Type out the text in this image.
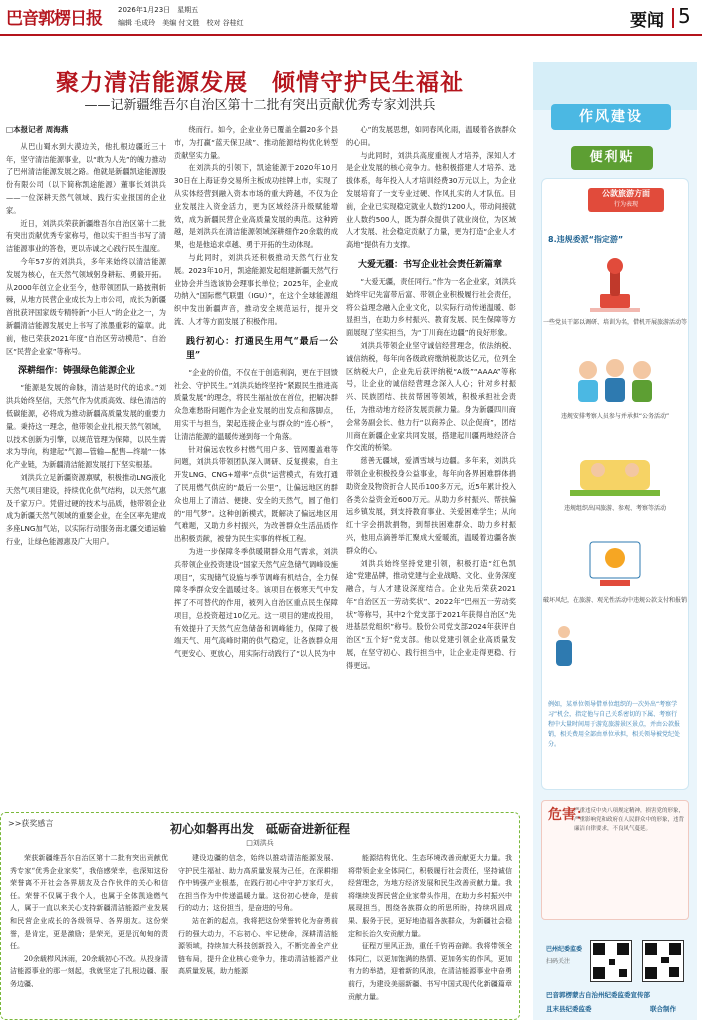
巴音郭楞日报 2026年1月23日　 星期五
编辑 毛成玲　美编 付文胜　校对 谷桂红	要闻 5
聚力清洁能源发展　倾情守护民生福祉
——记新疆维吾尔自治区第十二批有突出贡献优秀专家刘洪兵

□本报记者 周海燕

从巴山蜀水到大漠边关，他扎根边疆近三十年，坚守清洁能源事业，以“敢为人先”的魄力推动了巴州清洁能源发展之路。他就是新疆凯途能源股份有限公司（以下简称凯途能源）董事长刘洪兵——一位深耕天然气领域、践行实业报国的企业家。

近日，刘洪兵荣获新疆维吾尔自治区第十二批有突出贡献优秀专家称号，他以实干担当书写了清洁能源事业的答卷，更以赤诚之心践行民生温度。

今年57岁的刘洪兵，多年来始终以清洁能源发展为核心，在天然气领域躬身耕耘、勇毅开拓。从2000年创立企业至今，他带领团队一路披荆斩棘，从地方民营企业成长为上市公司，成长为新疆首批获评国家级专精特新“小巨人”的企业之一，为新疆清洁能源发展史上书写了浓墨重彩的篇章。此前，他已荣获2021年度“自治区劳动模范”、自治区“民营企业家”等称号。

深耕细作：铸强绿色能源企业

“能源是发展的命脉，清洁是时代的追求。”刘洪兵始终坚信，天然气作为优质高效、绿色清洁的低碳能源，必将成为推动新疆高质量发展的重要力量。秉持这一理念，他带领企业扎根天然气领域，以技术创新为引擎，以规范管理为保障，以民生需求为导向，构建起“气源—管输—配售—终端”一体化产业链，为新疆清洁能源发展打下坚实根基。

刘洪兵立足新疆资源禀赋，积极推动LNG液化天然气项目建设，持续优化供气结构，以天然气惠及千家万户。凭借过硬的技术与品质，他带领企业成为新疆天然气领域的重要企业，在全区率先建成多座LNG加气站，以实际行动服务南北疆交通运输行业，让绿色能源惠及广大用户。

绕而行。如今，企业业务已覆盖全疆20多个县市，为打赢“蓝天保卫战”、推动能源结构优化转型贡献坚实力量。

在刘洪兵的引领下，凯途能源于2020年10月30日在上海证券交易所主板成功挂牌上市，实现了从实体经营到融入资本市场的重大跨越，不仅为企业发展注入资金活力，更为区域经济升级赋能增效，成为新疆民营企业高质量发展的典范。这种跨越，是刘洪兵在清洁能源领域深耕细作20余载的成果，也是他追求卓越、勇于开拓的生动体现。

与此同时，刘洪兵还积极推动天然气行业发展。2023年10月，凯途能源发起组建新疆天然气行业协会并当选该协会理事长单位；2025年，企业成功纳入“国际燃气联盟（IGU）”，在这个全球能源组织中发出新疆声音，推动安全规范运行，提升交流、人才等方面发展了积极作用。

践行初心：打通民生用气“最后一公里”

“企业的价值，不仅在于创造利润，更在于回馈社会、守护民生。”刘洪兵始终坚持“紧跟民生推进高质量发展”的理念，将民生福祉放在首位，把解决群众急难愁盼问题作为企业发展的出发点和落脚点，用实干与担当，架起连接企业与群众的“连心桥”，让清洁能源的温暖传递到每一个角落。

针对偏远农牧乡村燃气用户多、管网覆盖难等问题，刘洪兵带领团队深入调研、反复摸索，自主开发LNG、CNG+增率“点供”运营模式，有效打通了民用燃气供应的“最后一公里”，让偏远地区的群众也用上了清洁、便捷、安全的天然气，圆了他们的“用气梦”。这种创新模式，既解决了偏远地区用气难题，又助力乡村振兴，为改善群众生活品质作出积极贡献，被誉为民生实事的样板工程。

为进一步保障冬季供暖期群众用气需求，刘洪兵带领企业投资建设“国家天然气应急储气调峰设施项目”，实现储气设施与季节调峰有机结合，全力保障冬季群众安全温暖过冬。该项目在极寒天气中发挥了不可替代的作用，被列入自治区重点民生保障项目，总投资超过10亿元。这一项目的建成投用，有效提升了天然气应急储备和调峰能力，保障了极端天气、用气高峰时期的供气稳定，让各族群众用气更安心、更放心，用实际行动践行了“以人民为中

心”的发展思想，如同春风化雨，温暖着各族群众的心田。

与此同时，刘洪兵高度重视人才培养，深知人才是企业发展的核心竞争力。他积极搭建人才培养、选拔体系，每年投入人才培训经费30万元以上，为企业发展培育了一支专业过硬、作风扎实的人才队伍。目前，企业已实现稳定就业人数约1200人，带动间接就业人数约500人，既为群众提供了就业岗位，为区域人才发展、社会稳定贡献了力量，更为打造“企业人才高地”提供有力支撑。

大爱无疆：书写企业社会责任新篇章

“大爱无疆，责任同行。”作为一名企业家，刘洪兵始终牢记先富带后富、带领企业积极履行社会责任，将公益理念融入企业文化，以实际行动传递温暖、彰显担当，在助力乡村振兴、教育发展、民生保障等方面展现了坚实担当，为“丁川商在边疆”的良好形象。

刘洪兵带领企业坚守诚信经营理念，依法纳税、诚信纳税，每年向各级政府缴纳税款达亿元，位列全区纳税大户，企业先后获评纳税“A级”“AAAA”等称号，让企业的诚信经营理念深入人心；针对乡村振兴、民族团结、扶贫帮困等领域，积极承担社会责任，为推动地方经济发展贡献力量。身为新疆四川商会常务副会长、他力行“以商养企、以企促商”，团结川商在新疆企业家共同发展，搭建起川疆两地经济合作交流的桥梁。

慈善无疆域，爱洒雪域与边疆。多年来，刘洪兵带领企业积极投身公益事业，每年向各界困难群体捐助资金及物资折合人民币100多万元，近5年累计投入各类公益资金近600万元。从助力乡村振兴、帮扶偏远乡镇发展，到支持教育事业、关爱困难学生；从向红十字会捐款捐物，到帮扶困难群众、助力乡村振兴，他用点滴善举汇聚成大爱暖流，温暖着边疆各族群众的心。

刘洪兵始终坚持党建引领，积极打造“红色凯途”党建品牌，推动党建与企业战略、文化、业务深度融合，与人才建设深度结合。企业先后荣获2021年“自治区五一劳动奖状”、2022年“巴州五一劳动奖状”等称号，其中2个党支部于2021年获得自治区“先进基层党组织”称号。股份公司党支部2024年获评自治区“五个好”党支部。他以党建引领企业高质量发展，在坚守初心、践行担当中，让企业走得更稳、行得更远。

>>获奖感言	初心如磐再出发　砥砺奋进新征程
□刘洪兵

荣获新疆维吾尔自治区第十二批有突出贡献优秀专家“优秀企业家奖”，我倍感荣幸，也深知这份荣誉离不开社会各界朋友及合作伙伴的关心和信任。荣誉不仅属于我个人，也属于全体凯途燃气人，属于一直以来关心支持新疆清洁能源产业发展和民营企业成长的各级领导、各界朋友。这份荣誉，是肯定，更是激励；是荣光，更是沉甸甸的责任。

20余载栉风沐雨，20余载初心不改。从投身清洁能源事业的那一刻起，我就坚定了扎根边疆、服务边疆、

建设边疆的信念，始终以推动清洁能源发展、守护民生福祉、助力高质量发展为己任，在深耕细作中铸强产业根基，在践行初心中守护万家灯火，在担当作为中传递温暖力量。这份初心使命，是前行的动力；这份担当，是奋进的号角。

站在新的起点，我将把这份荣誉转化为奋勇前行的强大动力，不忘初心、牢记使命，深耕清洁能源领域，持续加大科技创新投入，不断完善全产业链布局，提升企业核心竞争力，推动清洁能源产业高质量发展，助力能源

能源结构优化、生态环境改善贡献更大力量。我将带领企业全体同仁，积极履行社会责任，坚持诚信经营理念，为地方经济发展和民生改善贡献力量。我将继续发挥民营企业家带头作用，在助力乡村振兴中展现担当，围绕各族群众的所思所盼，持续巩固成果、服务于民，更好地造福各族群众，为新疆社会稳定和长治久安贡献力量。

征程万里风正劲，重任千钧再奋蹄。我将带领全体同仁，以更加饱满的热情、更加务实的作风，更加有力的举措，迎着新的风浪，在清洁能源事业中奋勇前行，为建设美丽新疆、书写中国式现代化新疆篇章贡献力量。

作风建设
便利贴
公款旅游方面
行为表现
8.违规委派“指定游”
一些党员干部以调研、培训为名，借机开展旅游活动等
违规安排考察人员参与并承担“公务活动”
违规组织出国旅游、参观、考察等活动
破坏风纪，在旅游、观光性活动中违规公款支付和报销
例如，某单位领导借单位组织的一次外出“考察学习”机会，指定他与自己关系密切的下属、考察行程中大量时间用于游览旅游景区景点，并由公款报销，相关费用全部由单位承担，相关领导被党纪处分。
危害：
严重违反中央八项规定精神，损害党的形象，严重影响党和政府在人民群众中的形象，违背廉洁自律要求，不良风气蔓延。
巴州纪委监委
扫码关注
巴音郭楞蒙古自治州纪委监委宣传部
且末县纪委监委	联合制作
